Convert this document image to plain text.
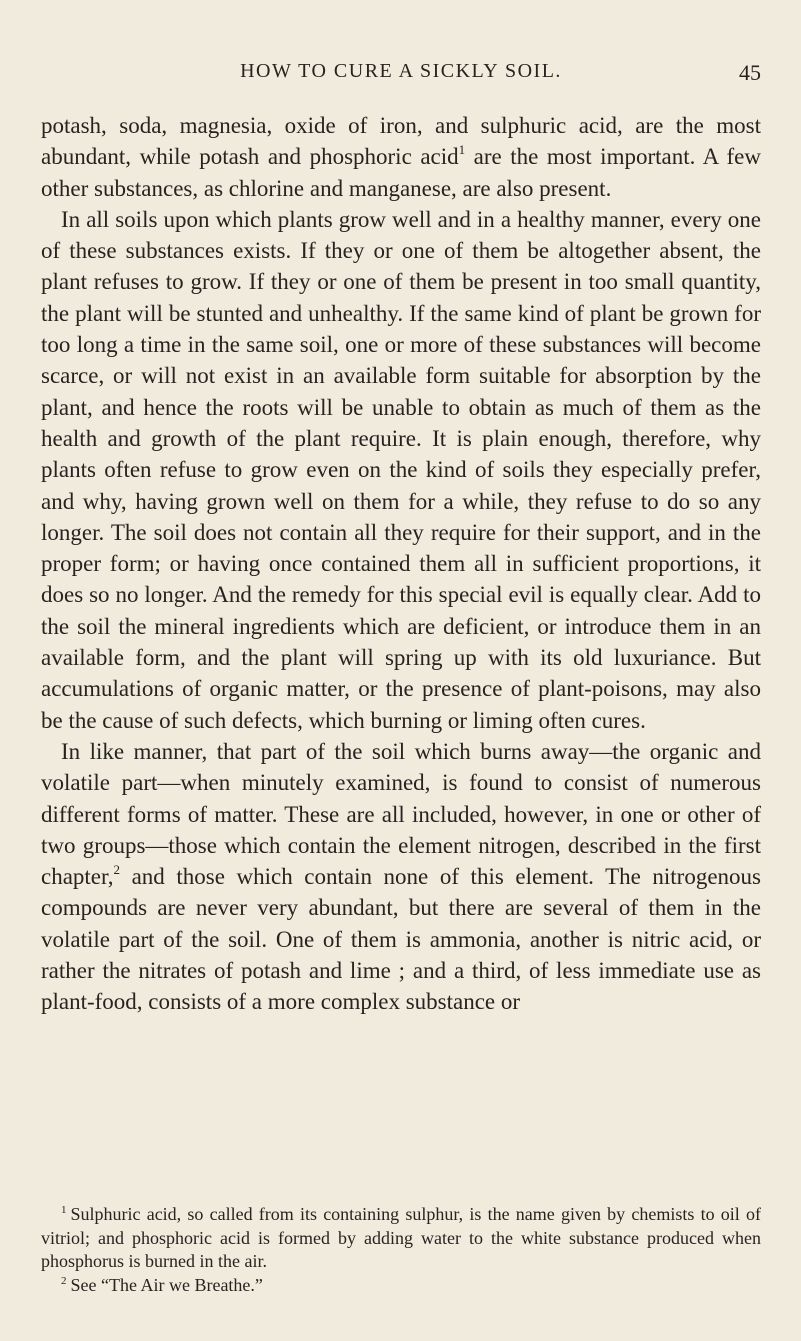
HOW TO CURE A SICKLY SOIL.	45

potash, soda, magnesia, oxide of iron, and sulphuric acid, are the most abundant, while potash and phosphoric acid$^1$ are the most important. A few other substances, as chlorine and manganese, are also present.

In all soils upon which plants grow well and in a healthy manner, every one of these substances exists. If they or one of them be altogether absent, the plant refuses to grow. If they or one of them be present in too small quantity, the plant will be stunted and unhealthy. If the same kind of plant be grown for too long a time in the same soil, one or more of these substances will become scarce, or will not exist in an available form suitable for absorption by the plant, and hence the roots will be unable to obtain as much of them as the health and growth of the plant require. It is plain enough, therefore, why plants often refuse to grow even on the kind of soils they especially prefer, and why, having grown well on them for a while, they refuse to do so any longer. The soil does not contain all they require for their support, and in the proper form; or having once contained them all in sufficient proportions, it does so no longer. And the remedy for this special evil is equally clear. Add to the soil the mineral ingredients which are deficient, or introduce them in an available form, and the plant will spring up with its old luxuriance. But accumulations of organic matter, or the presence of plant-poisons, may also be the cause of such defects, which burning or liming often cures.

In like manner, that part of the soil which burns away—the organic and volatile part—when minutely examined, is found to consist of numerous different forms of matter. These are all included, however, in one or other of two groups—those which contain the element nitrogen, described in the first chapter,$^2$ and those which contain none of this element. The nitrogenous compounds are never very abundant, but there are several of them in the volatile part of the soil. One of them is ammonia, another is nitric acid, or rather the nitrates of potash and lime ; and a third, of less immediate use as plant-food, consists of a more complex substance or

$^1$ Sulphuric acid, so called from its containing sulphur, is the name given by chemists to oil of vitriol; and phosphoric acid is formed by adding water to the white substance produced when phosphorus is burned in the air.

$^2$ See “The Air we Breathe.”
